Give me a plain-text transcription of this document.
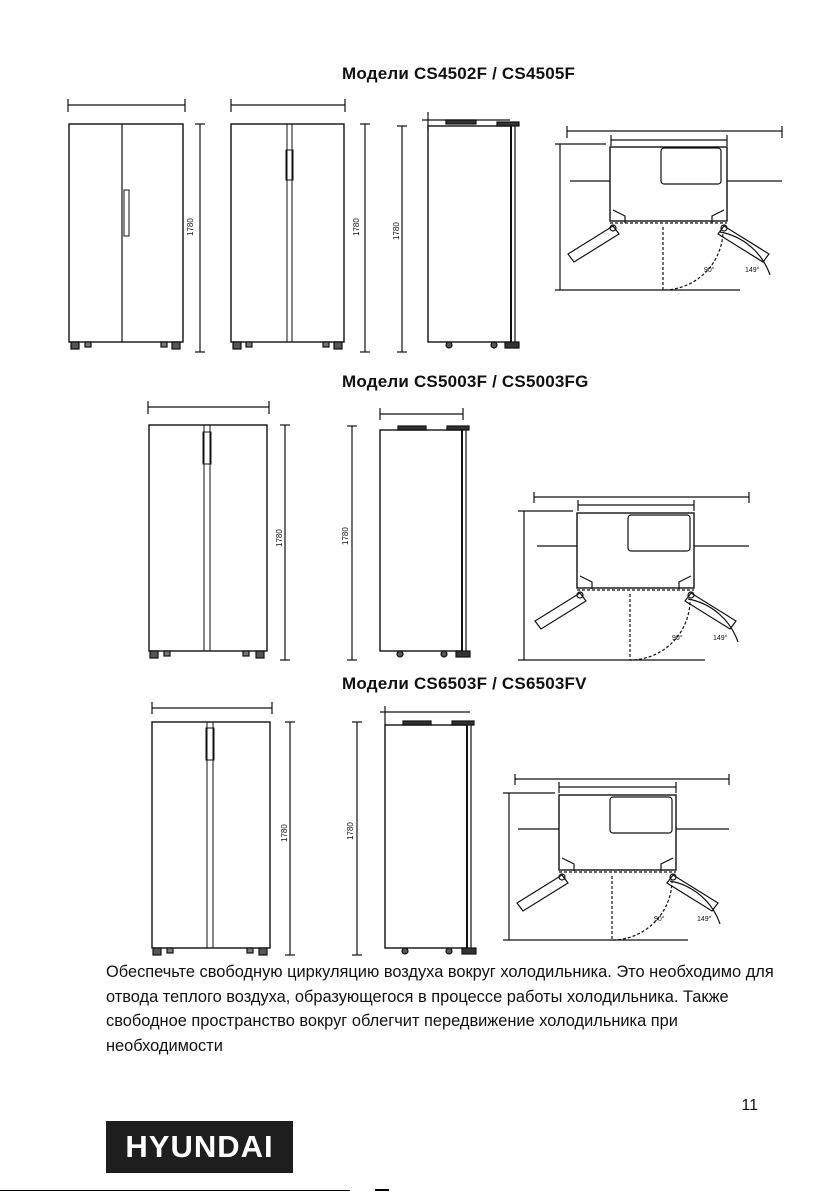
Модели CS4502F / CS4505F
Модели CS5003F / CS5003FG
Модели CS6503F / CS6503FV
1780	1780	1780
90°	149°
1780	1780
90°	149°
1780	1780
90°	149°
Обеспечьте свободную циркуляцию воздуха вокруг холодильника. Это необходимо для отвода теплого воздуха, образующегося в процессе работы холодильника. Также свободное пространство вокруг облегчит передвижение холодильника при необходимости
11
HYUNDAI
